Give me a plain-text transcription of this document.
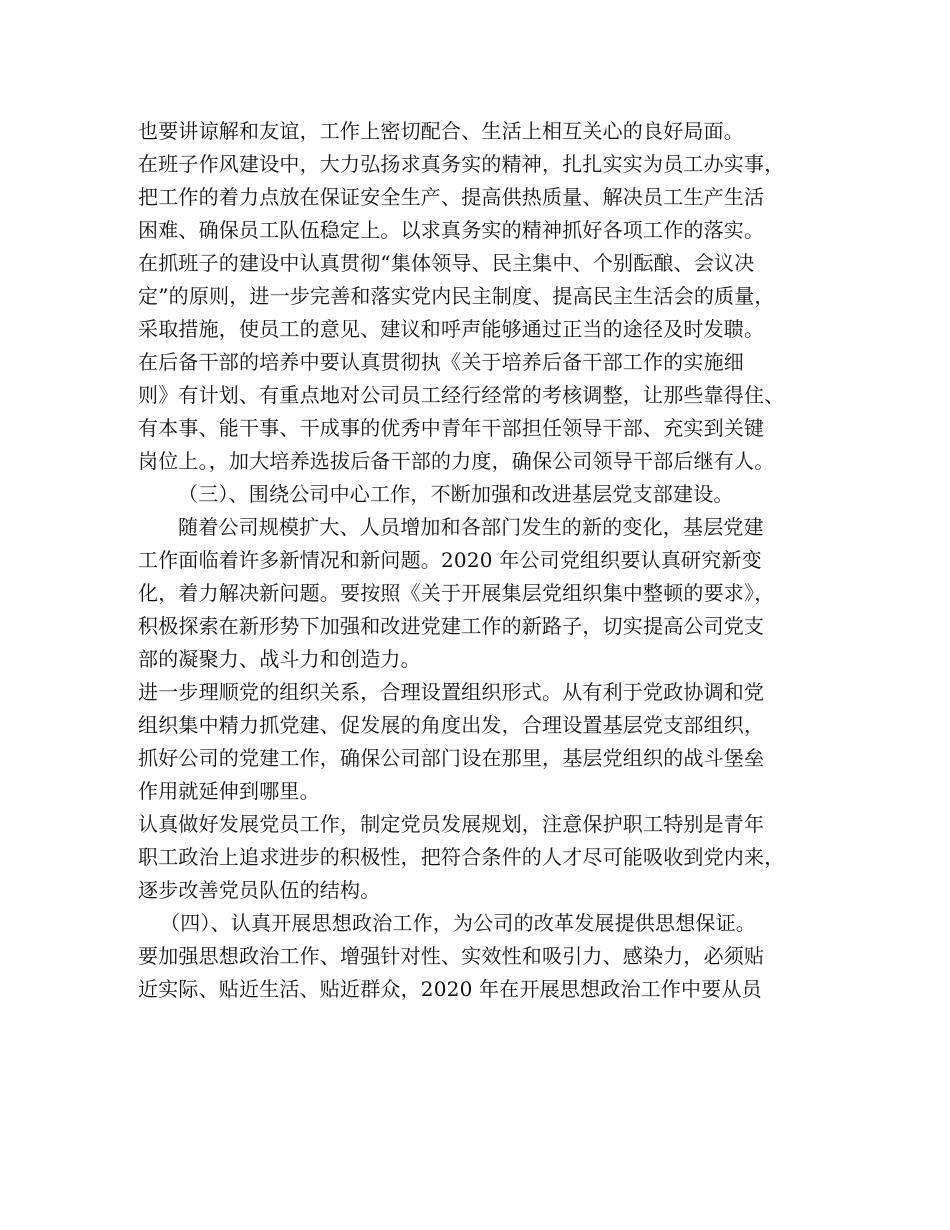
也要讲谅解和友谊，工作上密切配合、生活上相互关心的良好局面。
在班子作风建设中，大力弘扬求真务实的精神，扎扎实实为员工办实事，
把工作的着力点放在保证安全生产、提高供热质量、解决员工生产生活
困难、确保员工队伍稳定上。以求真务实的精神抓好各项工作的落实。
在抓班子的建设中认真贯彻“集体领导、民主集中、个别酝酿、会议决
定”的原则，进一步完善和落实党内民主制度、提高民主生活会的质量，
采取措施，使员工的意见、建议和呼声能够通过正当的途径及时发聩。
在后备干部的培养中要认真贯彻执《关于培养后备干部工作的实施细
则》有计划、有重点地对公司员工经行经常的考核调整，让那些靠得住、
有本事、能干事、干成事的优秀中青年干部担任领导干部、充实到关键
岗位上。，加大培养选拔后备干部的力度，确保公司领导干部后继有人。
（三）、围绕公司中心工作，不断加强和改进基层党支部建设。
随着公司规模扩大、人员增加和各部门发生的新的变化，基层党建
工作面临着许多新情况和新问题。2020 年公司党组织要认真研究新变
化，着力解决新问题。要按照《关于开展集层党组织集中整顿的要求》，
积极探索在新形势下加强和改进党建工作的新路子，切实提高公司党支
部的凝聚力、战斗力和创造力。
进一步理顺党的组织关系，合理设置组织形式。从有利于党政协调和党
组织集中精力抓党建、促发展的角度出发，合理设置基层党支部组织，
抓好公司的党建工作，确保公司部门设在那里，基层党组织的战斗堡垒
作用就延伸到哪里。
认真做好发展党员工作，制定党员发展规划，注意保护职工特别是青年
职工政治上追求进步的积极性，把符合条件的人才尽可能吸收到党内来，
逐步改善党员队伍的结构。
（四）、认真开展思想政治工作，为公司的改革发展提供思想保证。
要加强思想政治工作、增强针对性、实效性和吸引力、感染力，必须贴
近实际、贴近生活、贴近群众，2020 年在开展思想政治工作中要从员
